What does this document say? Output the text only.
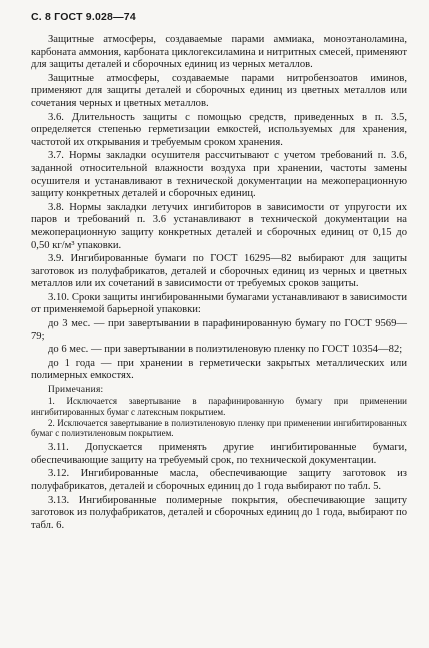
С. 8 ГОСТ 9.028—74

Защитные атмосферы, создаваемые парами аммиака, моноэтаноламина, карбоната аммония, карбоната циклогексиламина и нитритных смесей, применяют для защиты деталей и сборочных единиц из черных металлов.

Защитные атмосферы, создаваемые парами нитробензоатов иминов, применяют для защиты деталей и сборочных единиц из цветных металлов или сочетания черных и цветных металлов.

3.6. Длительность защиты с помощью средств, приведенных в п. 3.5, определяется степенью герметизации емкостей, используемых для хранения, частотой их открывания и требуемым сроком хранения.

3.7. Нормы закладки осушителя рассчитывают с учетом требований п. 3.6, заданной относительной влажности воздуха при хранении, частоты замены осушителя и устанавливают в технической документации на межоперационную защиту конкретных деталей и сборочных единиц.

3.8. Нормы закладки летучих ингибиторов в зависимости от упругости их паров и требований п. 3.6 устанавливают в технической документации на межоперационную защиту конкретных деталей и сборочных единиц от 0,15 до 0,50 кг/м³ упаковки.

3.9. Ингибированные бумаги по ГОСТ 16295—82 выбирают для защиты заготовок из полуфабрикатов, деталей и сборочных единиц из черных и цветных металлов или их сочетаний в зависимости от требуемых сроков защиты.

3.10. Сроки защиты ингибированными бумагами устанавливают в зависимости от применяемой барьерной упаковки:

до 3 мес. — при завертывании в парафинированную бумагу по ГОСТ 9569—79;

до 6 мес. — при завертывании в полиэтиленовую пленку по ГОСТ 10354—82;

до 1 года — при хранении в герметически закрытых металлических или полимерных емкостях.

Примечания:

1. Исключается завертывание в парафинированную бумагу при применении ингибитированных бумаг с латексным покрытием.

2. Исключается завертывание в полиэтиленовую пленку при применении ингибитированных бумаг с полиэтиленовым покрытием.

3.11. Допускается применять другие ингибитированные бумаги, обеспечивающие защиту на требуемый срок, по технической документации.

3.12. Ингибированные масла, обеспечивающие защиту заготовок из полуфабрикатов, деталей и сборочных единиц до 1 года выбирают по табл. 5.

3.13. Ингибированные полимерные покрытия, обеспечивающие защиту заготовок из полуфабрикатов, деталей и сборочных единиц до 1 года, выбирают по табл. 6.
